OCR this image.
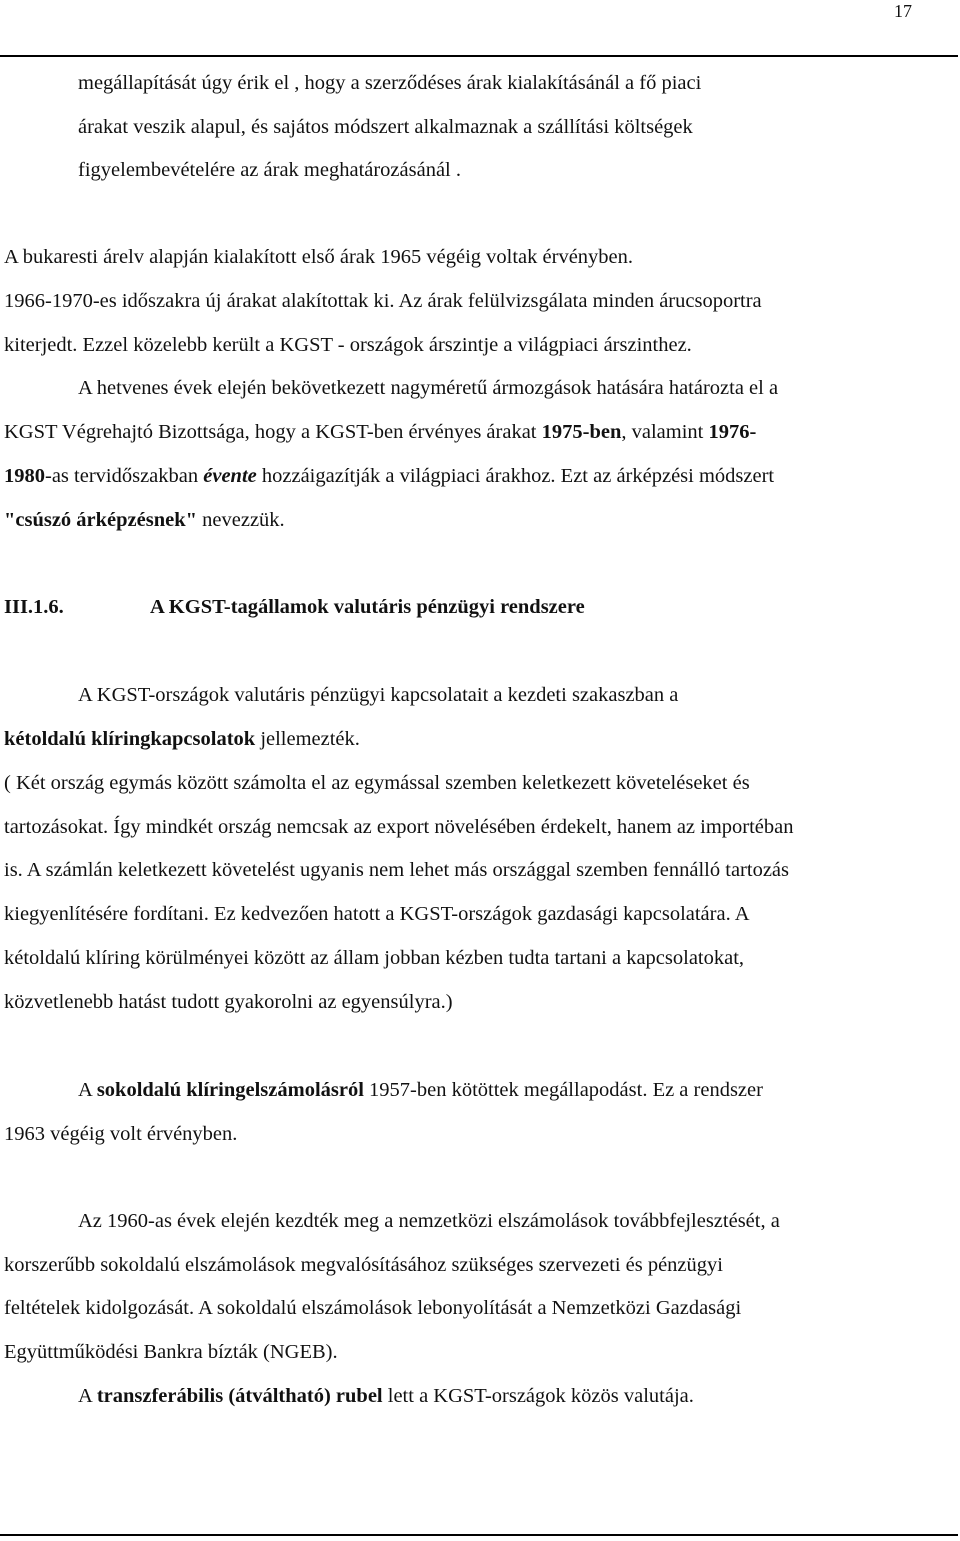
17
megállapítását úgy érik el , hogy a szerződéses árak kialakításánál a fő piaci
árakat veszik alapul, és sajátos módszert alkalmaznak a szállítási költségek
figyelembevételére az árak meghatározásánál .
A bukaresti árelv alapján kialakított első árak 1965 végéig voltak érvényben.
1966-1970-es időszakra új árakat alakítottak ki. Az árak felülvizsgálata minden árucsoportra
kiterjedt. Ezzel közelebb került a KGST - országok árszintje a világpiaci árszinthez.
A hetvenes évek elején bekövetkezett nagyméretű ármozgások hatására határozta el a
KGST Végrehajtó Bizottsága, hogy a KGST-ben érvényes árakat 1975-ben, valamint 1976-
1980-as tervidőszakban évente hozzáigazítják a világpiaci árakhoz. Ezt az árképzési módszert
"csúszó árképzésnek" nevezzük.
III.1.6.	A KGST-tagállamok valutáris pénzügyi rendszere
A KGST-országok valutáris pénzügyi kapcsolatait a kezdeti szakaszban a
kétoldalú klíringkapcsolatok jellemezték.
( Két ország egymás között számolta el az egymással szemben keletkezett követeléseket és
tartozásokat. Így mindkét ország nemcsak az export növelésében érdekelt, hanem az importéban
is. A számlán keletkezett követelést ugyanis nem lehet más országgal szemben fennálló tartozás
kiegyenlítésére fordítani. Ez kedvezően hatott a KGST-országok gazdasági kapcsolatára. A
kétoldalú klíring körülményei között az állam jobban kézben tudta tartani a kapcsolatokat,
közvetlenebb hatást tudott gyakorolni az egyensúlyra.)
A sokoldalú klíringelszámolásról 1957-ben kötöttek megállapodást. Ez a rendszer
1963 végéig volt érvényben.
Az 1960-as évek elején kezdték meg a nemzetközi elszámolások továbbfejlesztését, a
korszerűbb sokoldalú elszámolások megvalósításához szükséges szervezeti és pénzügyi
feltételek kidolgozását. A sokoldalú elszámolások lebonyolítását a Nemzetközi Gazdasági
Együttműködési Bankra bízták (NGEB).
A transzferábilis (átváltható) rubel lett a KGST-országok közös valutája.
